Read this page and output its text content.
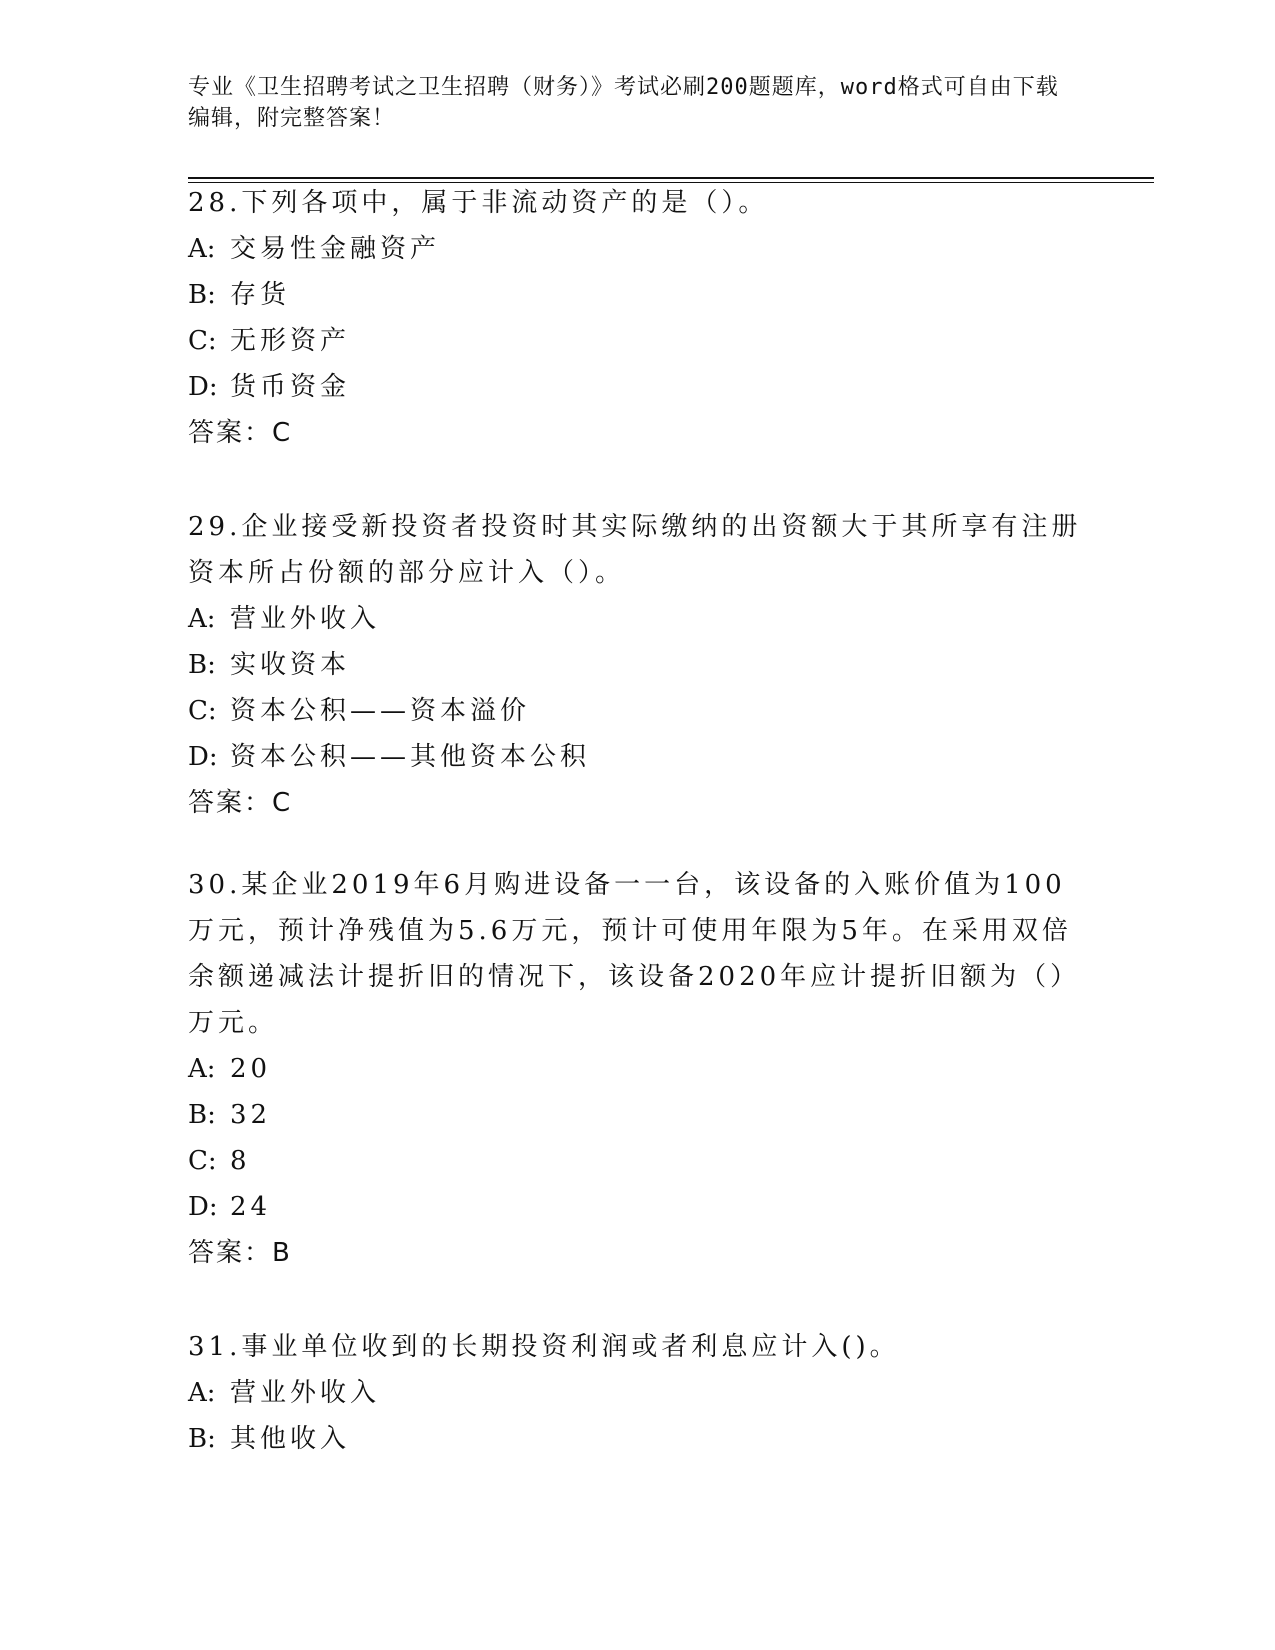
专业《卫生招聘考试之卫生招聘（财务）》考试必刷200题题库，word格式可自由下载编辑，附完整答案！
28.下列各项中，属于非流动资产的是（）。
A: 交易性金融资产
B: 存货
C: 无形资产
D: 货币资金
答案：C
29.企业接受新投资者投资时其实际缴纳的出资额大于其所享有注册资本所占份额的部分应计入（）。
A: 营业外收入
B: 实收资本
C: 资本公积——资本溢价
D: 资本公积——其他资本公积
答案：C
30.某企业2019年6月购进设备一一台，该设备的入账价值为100万元，预计净残值为5.6万元，预计可使用年限为5年。在采用双倍余额递减法计提折旧的情况下，该设备2020年应计提折旧额为（）万元。
A: 20
B: 32
C: 8
D: 24
答案：B
31.事业单位收到的长期投资利润或者利息应计入()。
A: 营业外收入
B: 其他收入
